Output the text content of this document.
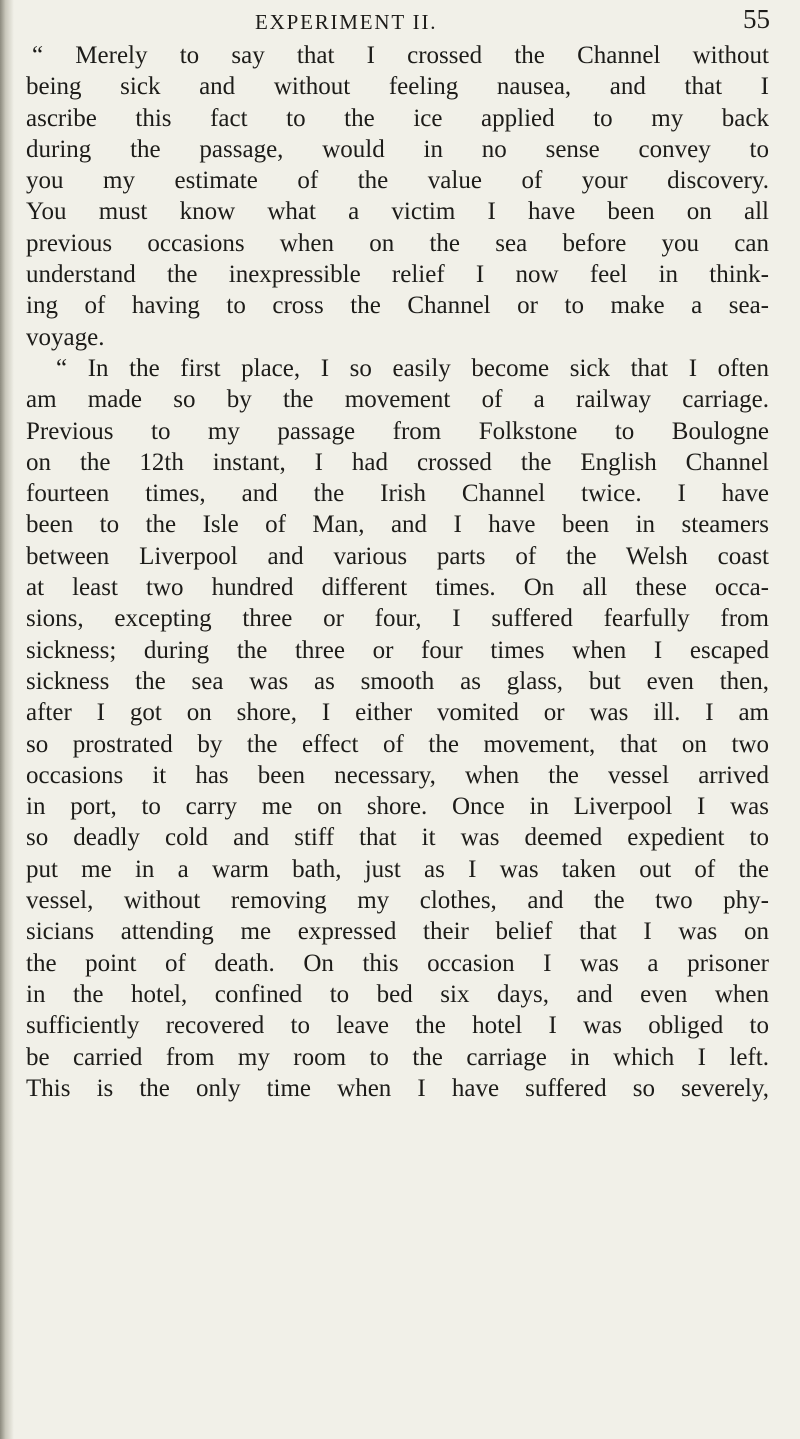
EXPERIMENT II.	55
“ Merely to say that I crossed the Channel without
being sick and without feeling nausea, and that I
ascribe this fact to the ice applied to my back
during the passage, would in no sense convey to
you my estimate of the value of your discovery.
You must know what a victim I have been on all
previous occasions when on the sea before you can
understand the inexpressible relief I now feel in think-
ing of having to cross the Channel or to make a sea-
voyage.
“ In the first place, I so easily become sick that I often
am made so by the movement of a railway carriage.
Previous to my passage from Folkstone to Boulogne
on the 12th instant, I had crossed the English Channel
fourteen times, and the Irish Channel twice. I have
been to the Isle of Man, and I have been in steamers
between Liverpool and various parts of the Welsh coast
at least two hundred different times. On all these occa-
sions, excepting three or four, I suffered fearfully from
sickness; during the three or four times when I escaped
sickness the sea was as smooth as glass, but even then,
after I got on shore, I either vomited or was ill. I am
so prostrated by the effect of the movement, that on two
occasions it has been necessary, when the vessel arrived
in port, to carry me on shore. Once in Liverpool I was
so deadly cold and stiff that it was deemed expedient to
put me in a warm bath, just as I was taken out of the
vessel, without removing my clothes, and the two phy-
sicians attending me expressed their belief that I was on
the point of death. On this occasion I was a prisoner
in the hotel, confined to bed six days, and even when
sufficiently recovered to leave the hotel I was obliged to
be carried from my room to the carriage in which I left.
This is the only time when I have suffered so severely,
